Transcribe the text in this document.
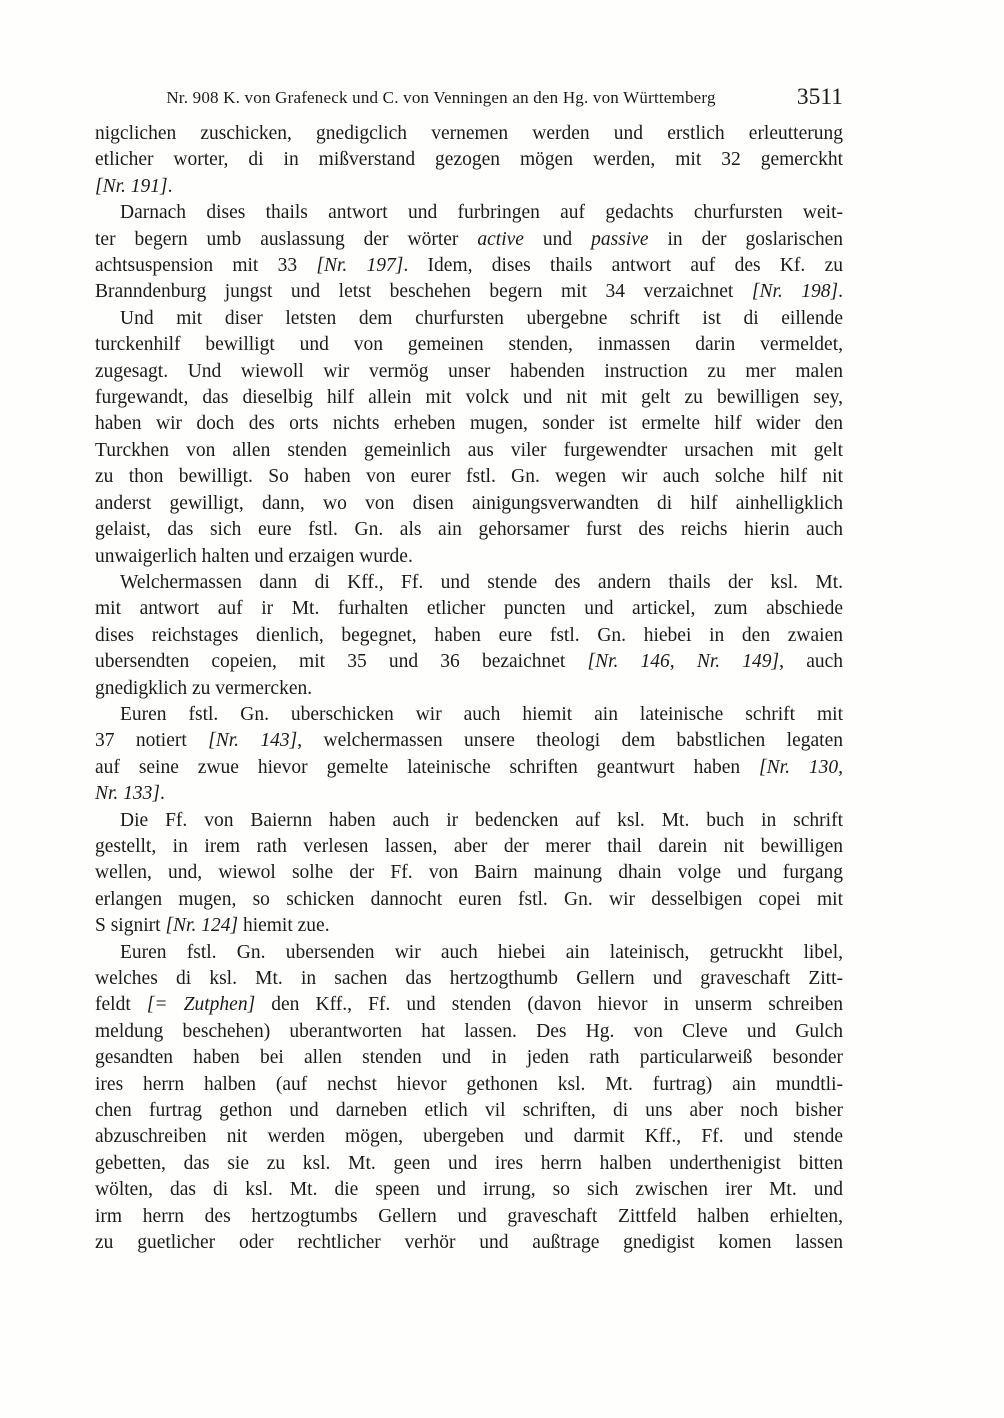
Nr. 908 K. von Grafeneck und C. von Venningen an den Hg. von Württemberg	3511
nigclichen zuschicken, gnedigclich vernemen werden und erstlich erleutterung
etlicher worter, di in mißverstand gezogen mögen werden, mit 32 gemerckht
[Nr. 191].
Darnach dises thails antwort und furbringen auf gedachts churfursten weit-
ter begern umb auslassung der wörter active und passive in der goslarischen
achtsuspension mit 33 [Nr. 197]. Idem, dises thails antwort auf des Kf. zu
Branndenburg jungst und letst beschehen begern mit 34 verzaichnet [Nr. 198].
Und mit diser letsten dem churfursten ubergebne schrift ist di eillende
turckenhilf bewilligt und von gemeinen stenden, inmassen darin vermeldet,
zugesagt. Und wiewoll wir vermög unser habenden instruction zu mer malen
furgewandt, das dieselbig hilf allein mit volck und nit mit gelt zu bewilligen sey,
haben wir doch des orts nichts erheben mugen, sonder ist ermelte hilf wider den
Turckhen von allen stenden gemeinlich aus viler furgewendter ursachen mit gelt
zu thon bewilligt. So haben von eurer fstl. Gn. wegen wir auch solche hilf nit
anderst gewilligt, dann, wo von disen ainigungsverwandten di hilf ainhelligklich
gelaist, das sich eure fstl. Gn. als ain gehorsamer furst des reichs hierin auch
unwaigerlich halten und erzaigen wurde.
Welchermassen dann di Kff., Ff. und stende des andern thails der ksl. Mt.
mit antwort auf ir Mt. furhalten etlicher puncten und artickel, zum abschiede
dises reichstages dienlich, begegnet, haben eure fstl. Gn. hiebei in den zwaien
ubersendten copeien, mit 35 und 36 bezaichnet [Nr. 146, Nr. 149], auch
gnedigklich zu vermercken.
Euren fstl. Gn. uberschicken wir auch hiemit ain lateinische schrift mit
37 notiert [Nr. 143], welchermassen unsere theologi dem babstlichen legaten
auf seine zwue hievor gemelte lateinische schriften geantwurt haben [Nr. 130,
Nr. 133].
Die Ff. von Baiernn haben auch ir bedencken auf ksl. Mt. buch in schrift
gestellt, in irem rath verlesen lassen, aber der merer thail darein nit bewilligen
wellen, und, wiewol solhe der Ff. von Bairn mainung dhain volge und furgang
erlangen mugen, so schicken dannocht euren fstl. Gn. wir desselbigen copei mit
S signirt [Nr. 124] hiemit zue.
Euren fstl. Gn. ubersenden wir auch hiebei ain lateinisch, getruckht libel,
welches di ksl. Mt. in sachen das hertzogthumb Gellern und graveschaft Zitt-
feldt [= Zutphen] den Kff., Ff. und stenden (davon hievor in unserm schreiben
meldung beschehen) uberantworten hat lassen. Des Hg. von Cleve und Gulch
gesandten haben bei allen stenden und in jeden rath particularweiß besonder
ires herrn halben (auf nechst hievor gethonen ksl. Mt. furtrag) ain mundtli-
chen furtrag gethon und darneben etlich vil schriften, di uns aber noch bisher
abzuschreiben nit werden mögen, ubergeben und darmit Kff., Ff. und stende
gebetten, das sie zu ksl. Mt. geen und ires herrn halben underthenigist bitten
wölten, das di ksl. Mt. die speen und irrung, so sich zwischen irer Mt. und
irm herrn des hertzogtumbs Gellern und graveschaft Zittfeld halben erhielten,
zu guetlicher oder rechtlicher verhör und außtrage gnedigist komen lassen
